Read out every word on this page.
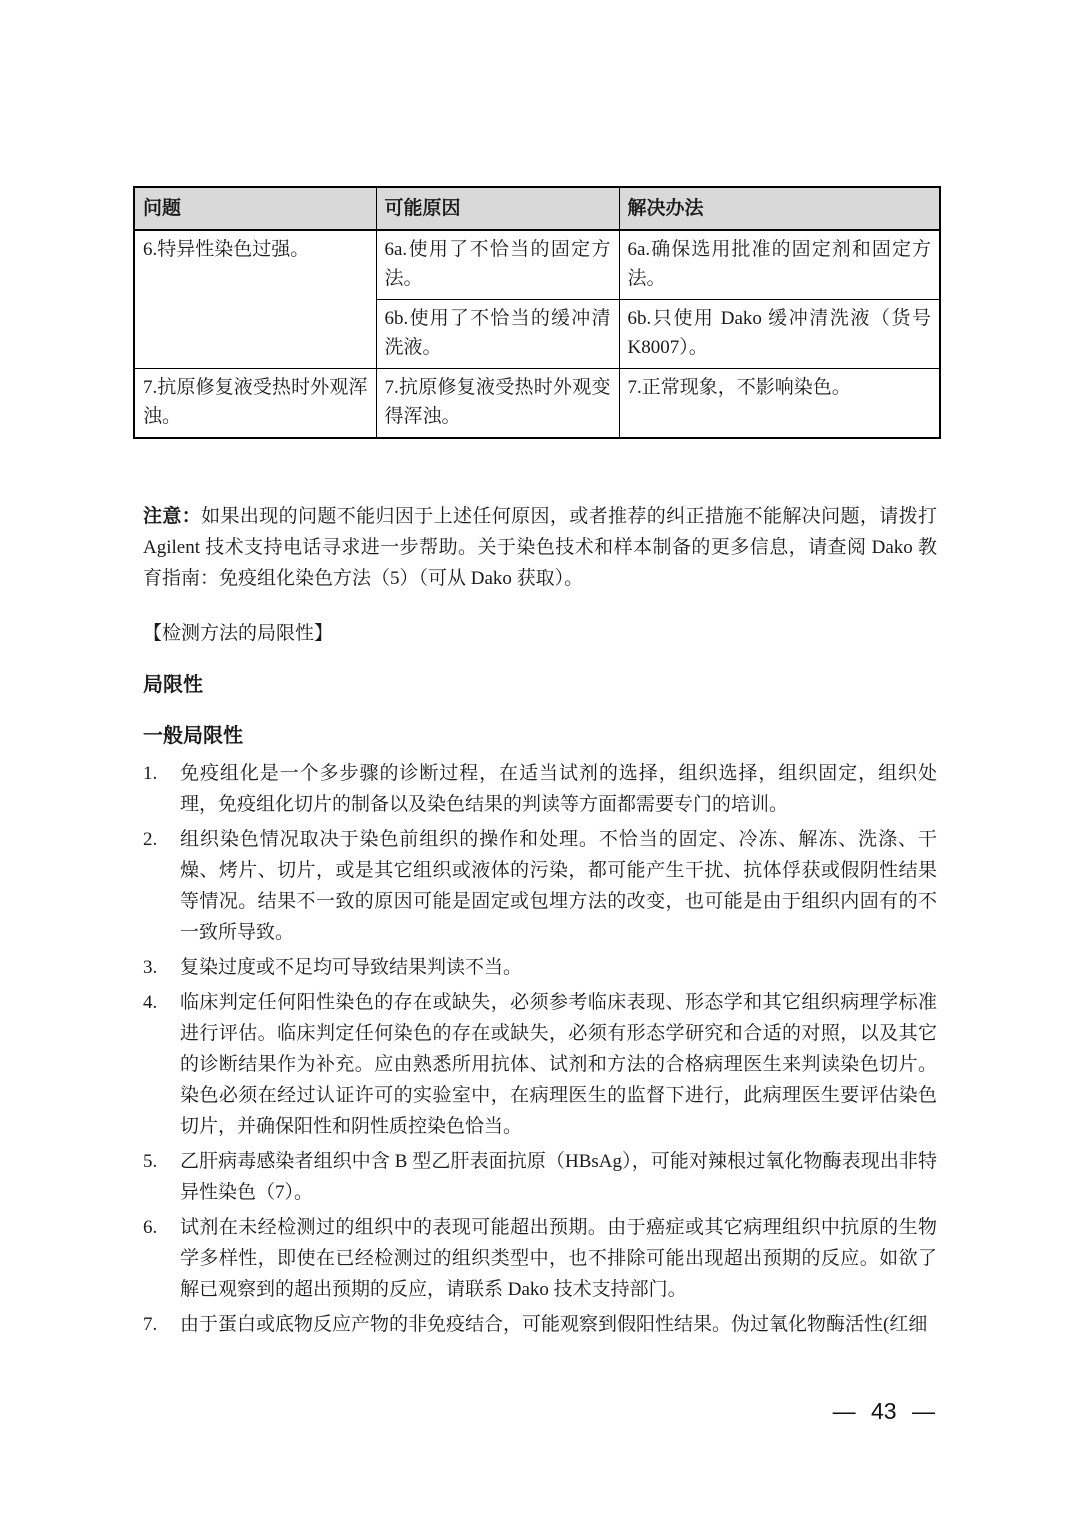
问题	可能原因	解决办法
6.特异性染色过强。	6a.使用了不恰当的固定方法。	6a.确保选用批准的固定剂和固定方法。
	6b.使用了不恰当的缓冲清洗液。	6b.只使用 Dako 缓冲清洗液（货号 K8007）。
7.抗原修复液受热时外观浑浊。	7.抗原修复液受热时外观变得浑浊。	7.正常现象，不影响染色。

注意：如果出现的问题不能归因于上述任何原因，或者推荐的纠正措施不能解决问题，请拨打 Agilent 技术支持电话寻求进一步帮助。关于染色技术和样本制备的更多信息，请查阅 Dako 教育指南：免疫组化染色方法（5）（可从 Dako 获取）。

【检测方法的局限性】

局限性
一般局限性
1.	免疫组化是一个多步骤的诊断过程，在适当试剂的选择，组织选择，组织固定，组织处理，免疫组化切片的制备以及染色结果的判读等方面都需要专门的培训。
2.	组织染色情况取决于染色前组织的操作和处理。不恰当的固定、冷冻、解冻、洗涤、干燥、烤片、切片，或是其它组织或液体的污染，都可能产生干扰、抗体俘获或假阴性结果等情况。结果不一致的原因可能是固定或包埋方法的改变，也可能是由于组织内固有的不一致所导致。
3.	复染过度或不足均可导致结果判读不当。
4.	临床判定任何阳性染色的存在或缺失，必须参考临床表现、形态学和其它组织病理学标准进行评估。临床判定任何染色的存在或缺失，必须有形态学研究和合适的对照，以及其它的诊断结果作为补充。应由熟悉所用抗体、试剂和方法的合格病理医生来判读染色切片。染色必须在经过认证许可的实验室中，在病理医生的监督下进行，此病理医生要评估染色切片，并确保阳性和阴性质控染色恰当。
5.	乙肝病毒感染者组织中含 B 型乙肝表面抗原（HBsAg），可能对辣根过氧化物酶表现出非特异性染色（7）。
6.	试剂在未经检测过的组织中的表现可能超出预期。由于癌症或其它病理组织中抗原的生物学多样性，即使在已经检测过的组织类型中，也不排除可能出现超出预期的反应。如欲了解已观察到的超出预期的反应，请联系 Dako 技术支持部门。
7.	由于蛋白或底物反应产物的非免疫结合，可能观察到假阳性结果。伪过氧化物酶活性(红细
— 43 —
